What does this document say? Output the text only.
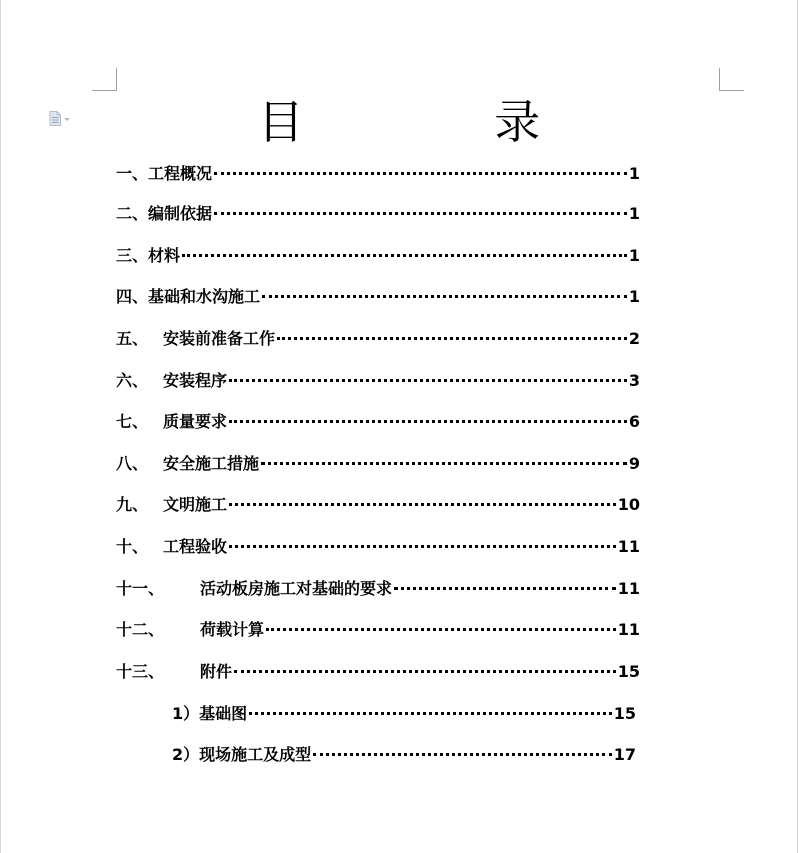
目 录
一、 工程概况	1
二、 编制依据	1
三、 材料	1
四、 基础和水沟施工	1
五、 安装前准备工作	2
六、 安装程序	3
七、 质量要求	6
八、 安全施工措施	9
九、 文明施工	10
十、 工程验收	11
十一、	活动板房施工对基础的要求	11
十二、	荷载计算	11
十三、	附件	15
1） 基础图	15
2） 现场施工及成型	17
